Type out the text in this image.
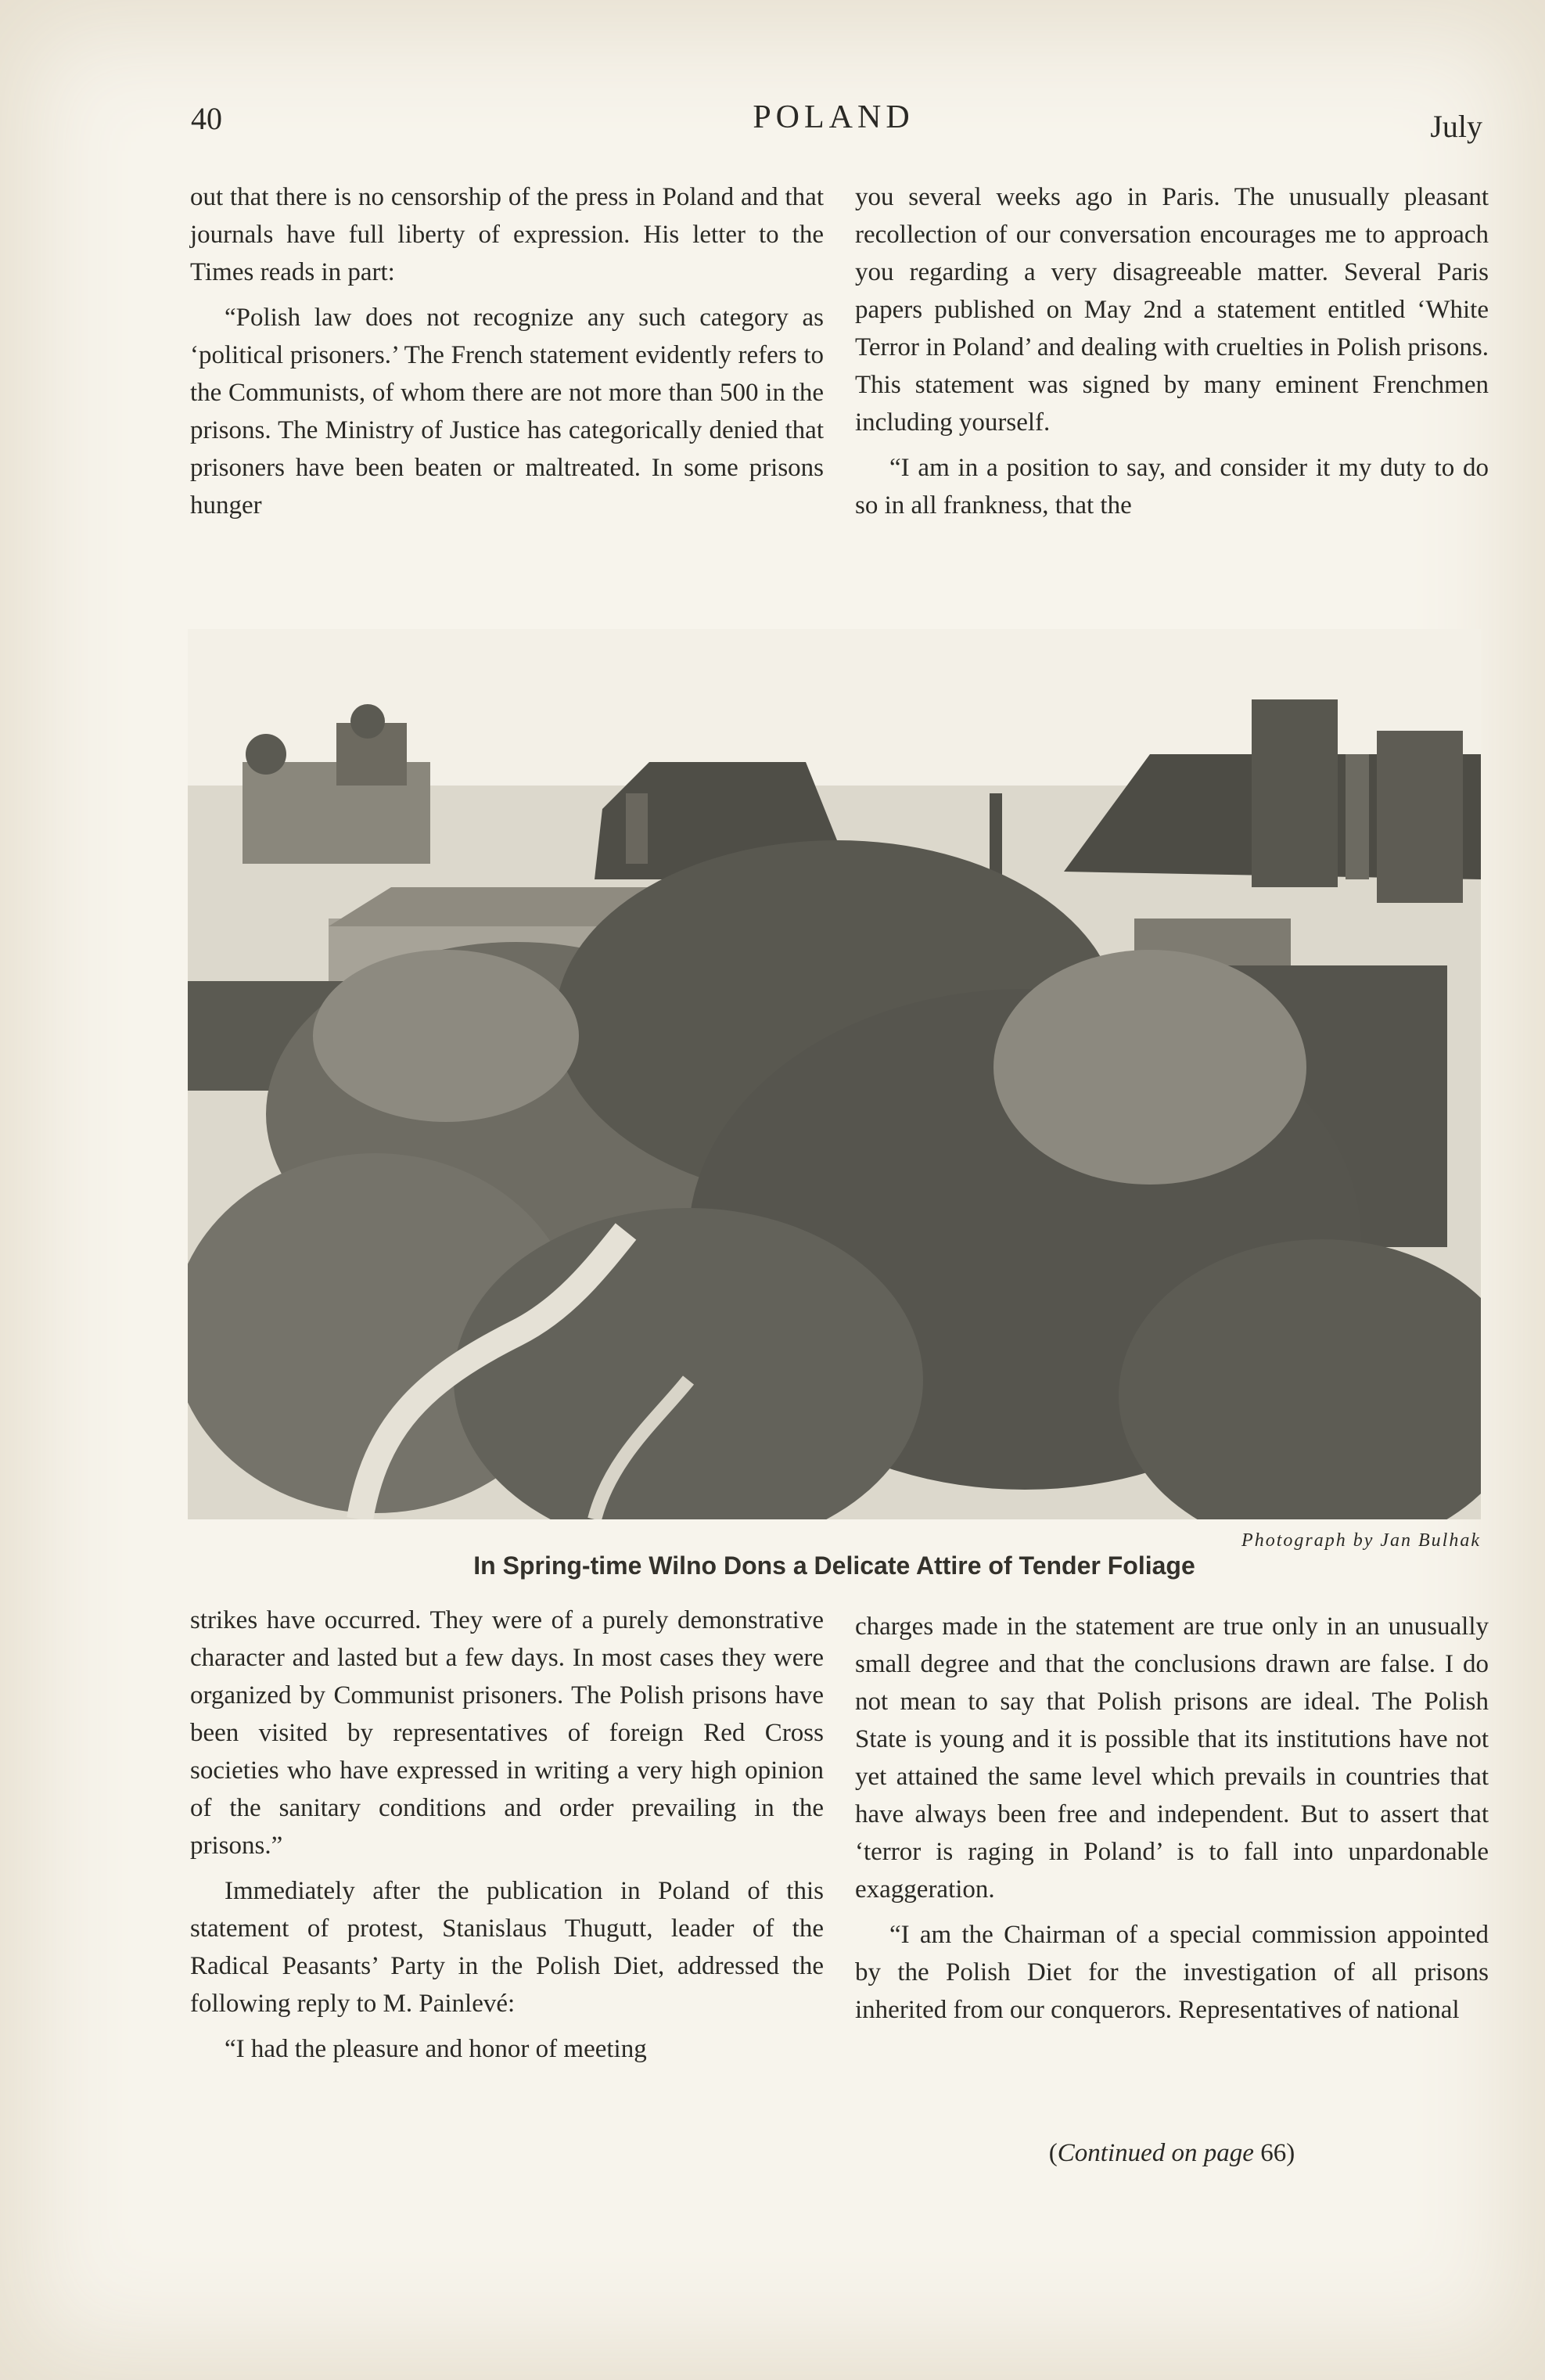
40	POLAND	July

out that there is no censorship of the press in Poland and that journals have full liberty of expression. His letter to the Times reads in part:

“Polish law does not recognize any such category as ‘political prisoners.’ The French statement evidently refers to the Communists, of whom there are not more than 500 in the prisons. The Ministry of Justice has categorically denied that prisoners have been beaten or maltreated. In some prisons hunger

you several weeks ago in Paris. The unusually pleasant recollection of our conversation encourages me to approach you regarding a very disagreeable matter. Several Paris papers published on May 2nd a statement entitled ‘White Terror in Poland’ and dealing with cruelties in Polish prisons. This statement was signed by many eminent Frenchmen including yourself.

“I am in a position to say, and consider it my duty to do so in all frankness, that the

Photograph by Jan Bulhak
In Spring-time Wilno Dons a Delicate Attire of Tender Foliage

strikes have occurred. They were of a purely demonstrative character and lasted but a few days. In most cases they were organized by Communist prisoners. The Polish prisons have been visited by representatives of foreign Red Cross societies who have expressed in writing a very high opinion of the sanitary conditions and order prevailing in the prisons.”

Immediately after the publication in Poland of this statement of protest, Stanislaus Thugutt, leader of the Radical Peasants’ Party in the Polish Diet, addressed the following reply to M. Painlevé:

“I had the pleasure and honor of meeting

charges made in the statement are true only in an unusually small degree and that the conclusions drawn are false. I do not mean to say that Polish prisons are ideal. The Polish State is young and it is possible that its institutions have not yet attained the same level which prevails in countries that have always been free and independent. But to assert that ‘terror is raging in Poland’ is to fall into unpardonable exaggeration.

“I am the Chairman of a special commission appointed by the Polish Diet for the investigation of all prisons inherited from our conquerors. Representatives of national

(Continued on page 66)
